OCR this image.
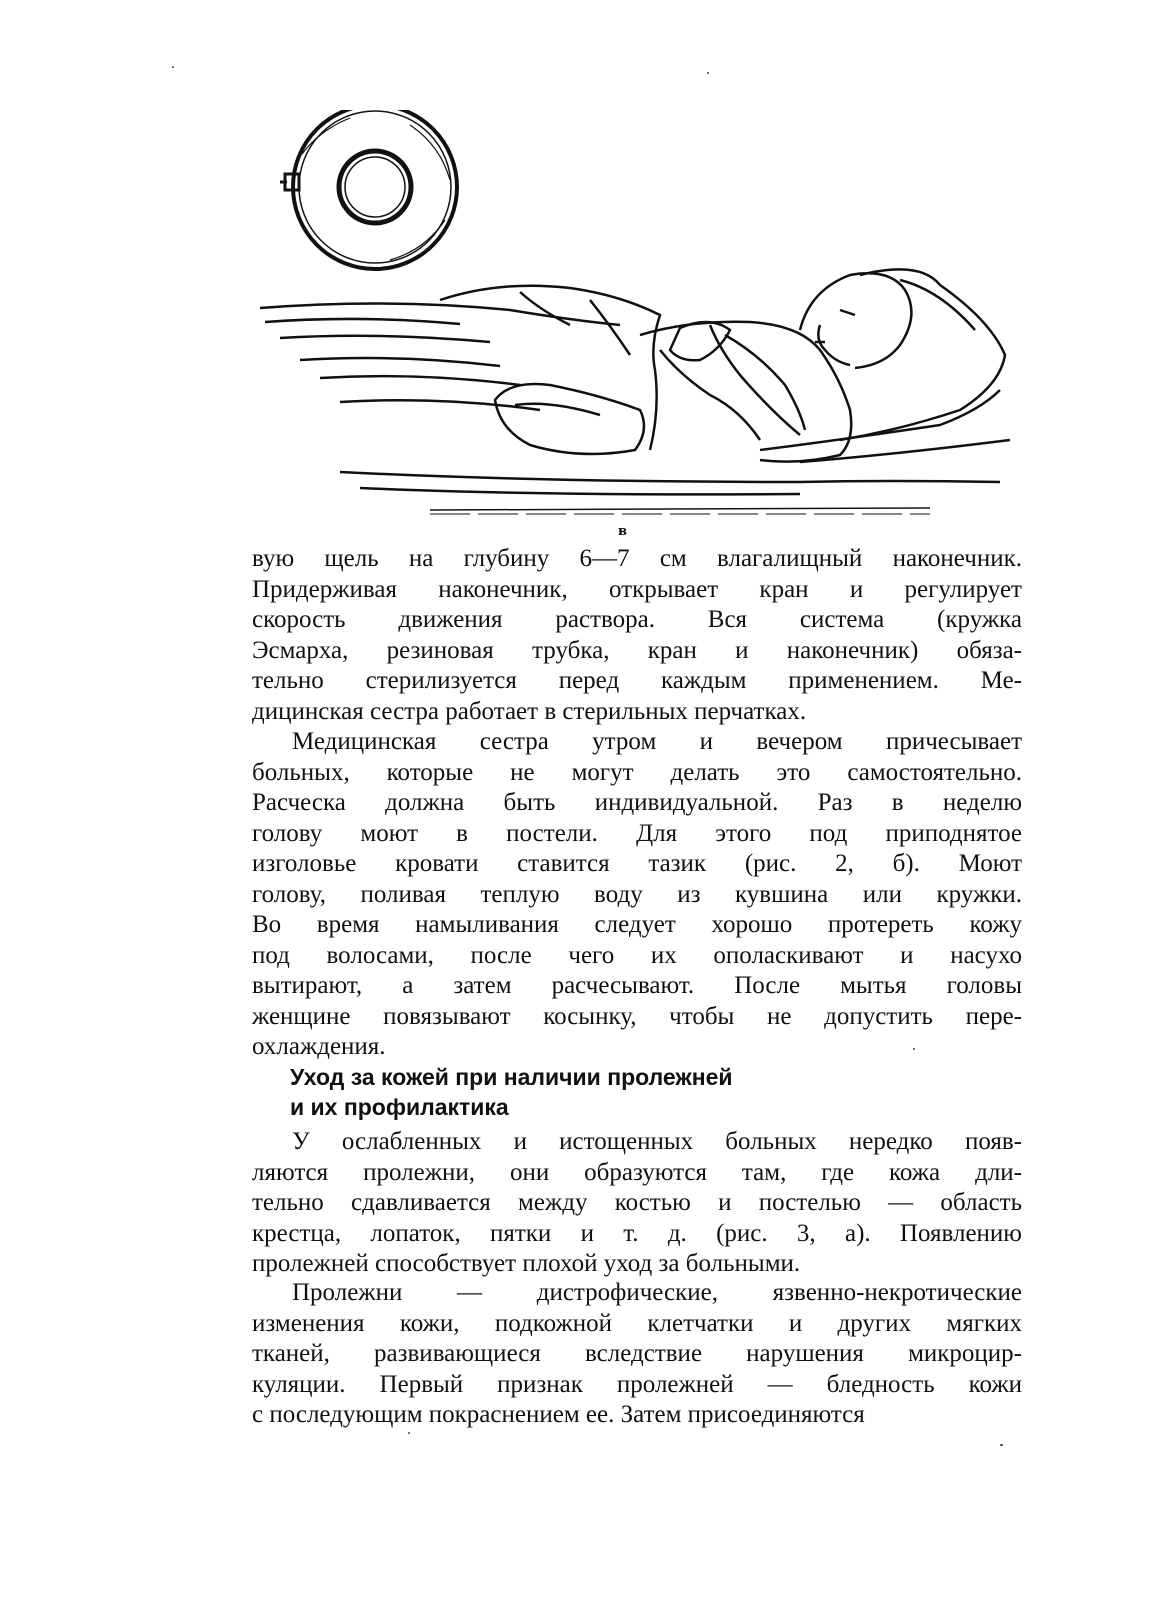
в

вую щель на глубину 6—7 см влагалищный наконечник.
Придерживая наконечник, открывает кран и регулирует
скорость движения раствора. Вся система (кружка
Эсмарха, резиновая трубка, кран и наконечник) обяза-
тельно стерилизуется перед каждым применением. Ме-
дицинская сестра работает в стерильных перчатках.

Медицинская сестра утром и вечером причесывает
больных, которые не могут делать это самостоятельно.
Расческа должна быть индивидуальной. Раз в неделю
голову моют в постели. Для этого под приподнятое
изголовье кровати ставится тазик (рис. 2, б). Моют
голову, поливая теплую воду из кувшина или кружки.
Во время намыливания следует хорошо протереть кожу
под волосами, после чего их ополаскивают и насухо
вытирают, а затем расчесывают. После мытья головы
женщине повязывают косынку, чтобы не допустить пере-
охлаждения.

Уход за кожей при наличии пролежней
и их профилактика

У ослабленных и истощенных больных нередко появ-
ляются пролежни, они образуются там, где кожа дли-
тельно сдавливается между костью и постелью — область
крестца, лопаток, пятки и т. д. (рис. 3, а). Появлению
пролежней способствует плохой уход за больными.

Пролежни — дистрофические, язвенно-некротические
изменения кожи, подкожной клетчатки и других мягких
тканей, развивающиеся вследствие нарушения микроцир-
куляции. Первый признак пролежней — бледность кожи
с последующим покраснением ее. Затем присоединяются
